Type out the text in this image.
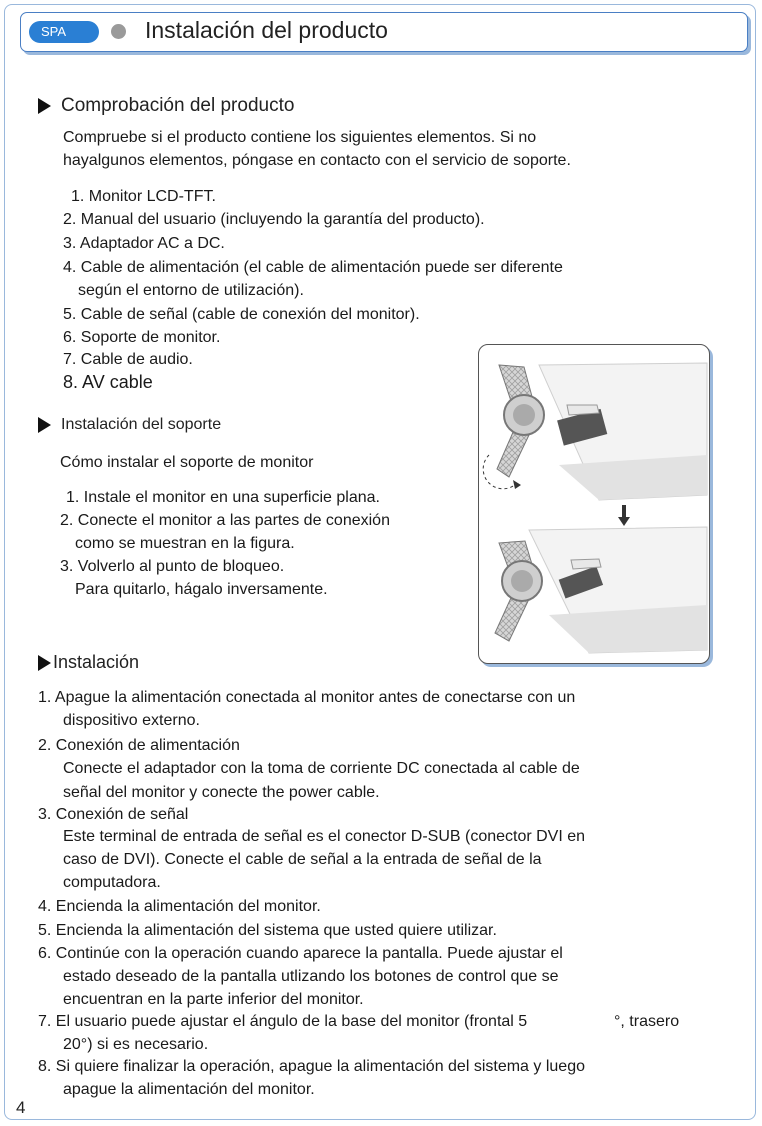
SPA	Instalación del producto
Comprobación del producto
Compruebe si el producto contiene los siguientes elementos. Si no
hayalgunos elementos, póngase en contacto con el servicio de soporte.
1. Monitor LCD-TFT.
2. Manual del usuario (incluyendo la garantía del producto).
3. Adaptador AC a DC.
4. Cable de alimentación (el cable de alimentación puede ser diferente
según el entorno de utilización).
5. Cable de señal (cable de conexión del monitor).
6. Soporte de monitor.
7. Cable de audio.
8. AV cable
Instalación del soporte
Cómo instalar el soporte de monitor
1. Instale el monitor en una superficie plana.
2. Conecte el monitor a las partes de conexión
como se muestran en la figura.
3. Volverlo al punto de bloqueo.
Para quitarlo, hágalo inversamente.
Instalación
1. Apague la alimentación conectada al monitor antes de conectarse con un
dispositivo externo.
2. Conexión de alimentación
Conecte el adaptador con la toma de corriente DC conectada al cable de
señal del monitor y conecte the power cable.
3. Conexión de señal
Este terminal de entrada de señal es el conector D-SUB (conector DVI en
caso de DVI). Conecte el cable de señal a la entrada de señal de la
computadora.
4. Encienda la alimentación del monitor.
5. Encienda la alimentación del sistema que usted quiere utilizar.
6. Continúe con la operación cuando aparece la pantalla. Puede ajustar el
estado deseado de la pantalla utlizando los botones de control que se
encuentran en la parte inferior del monitor.
7. El usuario puede ajustar el ángulo de la base del monitor (frontal 5	°, trasero
20°) si es necesario.
8. Si quiere finalizar la operación, apague la alimentación del sistema y luego
apague la alimentación del monitor.
4
